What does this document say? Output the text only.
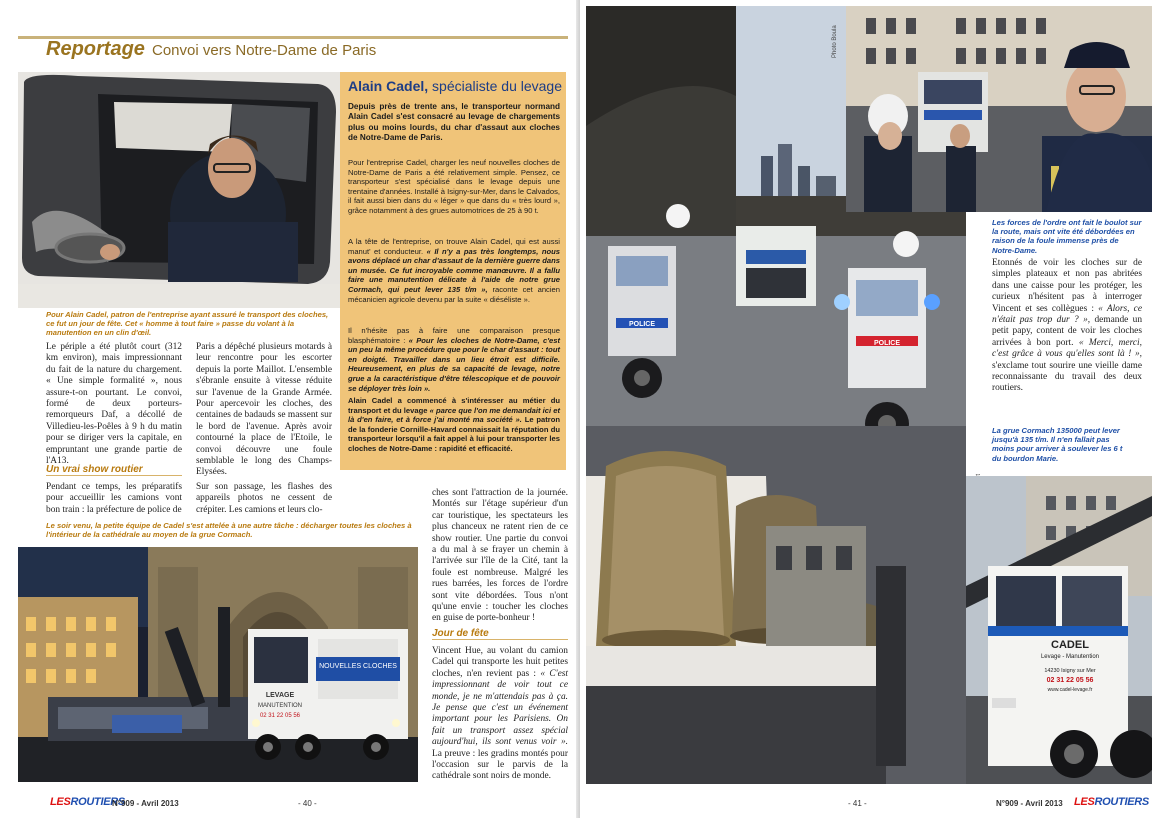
Reportage Convoi vers Notre-Dame de Paris
Alain Cadel, spécialiste du levage
Depuis près de trente ans, le transporteur normand Alain Cadel s'est consacré au levage de chargements plus ou moins lourds, du char d'assaut aux cloches de Notre-Dame de Paris.
Pour l'entreprise Cadel, charger les neuf nouvelles cloches de Notre-Dame de Paris a été relativement simple. Pensez, ce transporteur s'est spécialisé dans le levage depuis une trentaine d'années. Installé à Isigny-sur-Mer, dans le Calvados, il fait aussi bien dans du « léger » que dans du « très lourd », grâce notamment à des grues automotrices de 25 à 90 t.
A la tête de l'entreprise, on trouve Alain Cadel, qui est aussi manut' et conducteur. « Il n'y a pas très longtemps, nous avons déplacé un char d'assaut de la dernière guerre dans un musée. Ce fut incroyable comme manœuvre. Il a fallu faire une manutention délicate à l'aide de notre grue Cormach, qui peut lever 135 t/m », raconte cet ancien mécanicien agricole devenu par la suite « diéséliste ».
Il n'hésite pas à faire une comparaison presque blasphématoire : « Pour les cloches de Notre-Dame, c'est un peu la même procédure que pour le char d'assaut : tout en doigté. Travailler dans un lieu étroit est difficile. Heureusement, en plus de sa capacité de levage, notre grue a la caractéristique d'être télescopique et de pouvoir se déployer très loin ».
Alain Cadel a commencé à s'intéresser au métier du transport et du levage « parce que l'on me demandait ici et là d'en faire, et à force j'ai monté ma société ». Le patron de la fonderie Cornille-Havard connaissait la réputation du transporteur lorsqu'il a fait appel à lui pour transporter les cloches de Notre-Dame : rapidité et efficacité.
Pour Alain Cadel, patron de l'entreprise ayant assuré le transport des cloches, ce fut un jour de fête. Cet « homme à tout faire » passe du volant à la manutention en un clin d'œil.
Le périple a été plutôt court (312 km environ), mais impressionnant du fait de la nature du chargement. « Une simple formalité », nous assure-t-on pourtant. Le convoi, formé de deux porteurs-remorqueurs Daf, a décollé de Villedieu-les-Poêles à 9 h du matin pour se diriger vers la capitale, en empruntant une grande partie de l'A13.
Un vrai show routier
Pendant ce temps, les préparatifs pour accueillir les camions vont bon train : la préfecture de police de
Paris a dépêché plusieurs motards à leur rencontre pour les escorter depuis la porte Maillot. L'ensemble s'ébranle ensuite à vitesse réduite sur l'avenue de la Grande Armée. Pour apercevoir les cloches, des centaines de badauds se massent sur le bord de l'avenue. Après avoir contourné la place de l'Etoile, le convoi découvre une foule semblable le long des Champs-Elysées.
Sur son passage, les flashes des appareils photos ne cessent de crépiter. Les camions et leurs clo-
Le soir venu, la petite équipe de Cadel s'est attelée à une autre tâche : décharger toutes les cloches à l'intérieur de la cathédrale au moyen de la grue Cormach.
NOUVELLES CLOCHES
LEVAGE
MANUTENTION
02 31 22 05 56
ches sont l'attraction de la journée. Montés sur l'étage supérieur d'un car touristique, les spectateurs les plus chanceux ne ratent rien de ce show routier. Une partie du convoi a du mal à se frayer un chemin à l'arrivée sur l'île de la Cité, tant la foule est nombreuse. Malgré les rues barrées, les forces de l'ordre sont vite débordées. Tous n'ont qu'une envie : toucher les cloches en guise de porte-bonheur !
Jour de fête
Vincent Hue, au volant du camion Cadel qui transporte les huit petites cloches, n'en revient pas : « C'est impressionnant de voir tout ce monde, je ne m'attendais pas à ça. Je pense que c'est un événement important pour les Parisiens. On fait un transport assez spécial aujourd'hui, ils sont venus voir ». La preuve : les gradins montés pour l'occasion sur le parvis de la cathédrale sont noirs de monde.
LESROUTIERS
N°909 - Avril 2013	- 40 -
POLICE
POLICE
Photo Boula
Les forces de l'ordre ont fait le boulot sur la route, mais ont vite été débordées en raison de la foule immense près de Notre-Dame.
Etonnés de voir les cloches sur de simples plateaux et non pas abritées dans une caisse pour les protéger, les curieux n'hésitent pas à interroger Vincent et ses collègues : « Alors, ce n'était pas trop dur ? », demande un petit papy, content de voir les cloches arrivées à bon port. « Merci, merci, c'est grâce à vous qu'elles sont là ! », s'exclame tout sourire une vieille dame reconnaissante du travail des deux routiers.
La grue Cormach 135000 peut lever jusqu'à 135 t/m. Il n'en fallait pas moins pour arriver à soulever les 6 t du bourdon Marie.
CADEL
Levage - Manutention
14230 Isigny sur Mer
02 31 22 05 56
www.cadel-levage.fr
- 41 -	N°909 - Avril 2013 LESROUTIERS
